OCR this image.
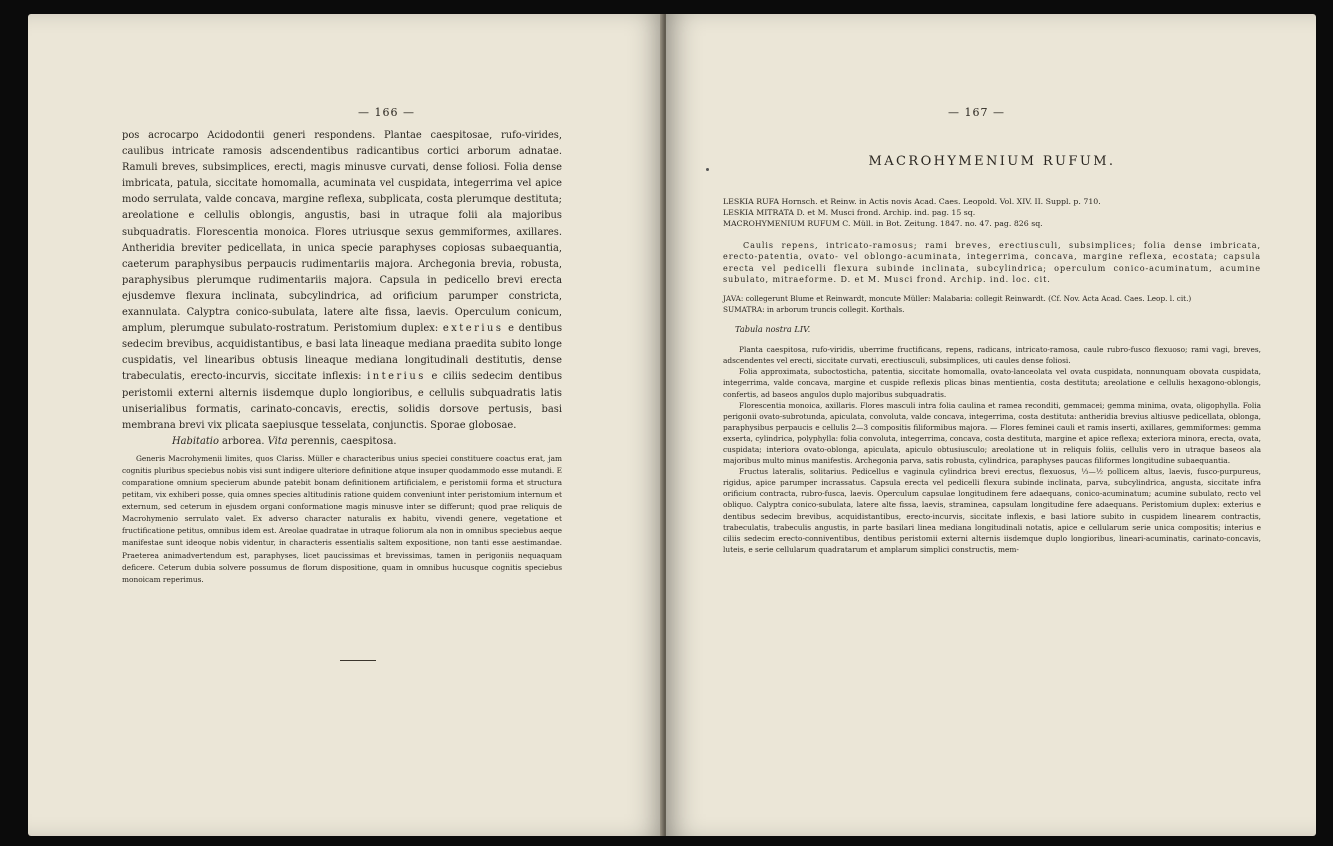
— 166 —

pos acrocarpo Acidodontii generi respondens. Plantae caespitosae, rufo-virides, caulibus intricate ramosis adscendentibus radicantibus cortici arborum adnatae. Ramuli breves, subsimplices, erecti, magis minusve curvati, dense foliosi. Folia dense imbricata, patula, siccitate homomalla, acuminata vel cuspidata, integerrima vel apice modo serrulata, valde concava, margine reflexa, subplicata, costa plerumque destituta; areolatione e cellulis oblongis, angustis, basi in utraque folii ala majoribus subquadratis. Florescentia monoica. Flores utriusque sexus gemmiformes, axillares. Antheridia breviter pedicellata, in unica specie paraphyses copiosas subaequantia, caeterum paraphysibus perpaucis rudimentariis majora. Archegonia brevia, robusta, paraphysibus plerumque rudimentariis majora. Capsula in pedicello brevi erecta ejusdemve flexura inclinata, subcylindrica, ad orificium parumper constricta, exannulata. Calyptra conico-subulata, latere alte fissa, laevis. Operculum conicum, amplum, plerumque subulato-rostratum. Peristomium duplex: exterius e dentibus sedecim brevibus, acquidistantibus, e basi lata lineaque mediana praedita subito longe cuspidatis, vel linearibus obtusis lineaque mediana longitudinali destitutis, dense trabeculatis, erecto-incurvis, siccitate inflexis: interius e ciliis sedecim dentibus peristomii externi alternis iisdemque duplo longioribus, e cellulis subquadratis latis uniserialibus formatis, carinato-concavis, erectis, solidis dorsove pertusis, basi membrana brevi vix plicata saepiusque tesselata, conjunctis. Sporae globosae.

Habitatio arborea. Vita perennis, caespitosa.

Generis Macrohymenii limites, quos Clariss. Müller e characteribus unius speciei constituere coactus erat, jam cognitis pluribus speciebus nobis visi sunt indigere ulteriore definitione atque insuper quodammodo esse mutandi. E comparatione omnium specierum abunde patebit bonam definitionem artificialem, e peristomii forma et structura petitam, vix exhiberi posse, quia omnes species altitudinis ratione quidem conveniunt inter peristomium internum et externum, sed ceterum in ejusdem organi conformatione magis minusve inter se differunt; quod prae reliquis de Macrohymenio serrulato valet. Ex adverso character naturalis ex habitu, vivendi genere, vegetatione et fructificatione petitus, omnibus idem est. Areolae quadratae in utraque foliorum ala non in omnibus speciebus aeque manifestae sunt ideoque nobis videntur, in characteris essentialis saltem expositione, non tanti esse aestimandae. Praeterea animadvertendum est, paraphyses, licet paucissimas et brevissimas, tamen in perigoniis nequaquam deficere. Ceterum dubia solvere possumus de florum dispositione, quam in omnibus hucusque cognitis speciebus monoicam reperimus.

— 167 —
MACROHYMENIUM RUFUM.

LESKIA RUFA Hornsch. et Reinw. in Actis novis Acad. Caes. Leopold. Vol. XIV. II. Suppl. p. 710.

LESKIA MITRATA D. et M. Musci frond. Archip. ind. pag. 15 sq.

MACROHYMENIUM RUFUM C. Müll. in Bot. Zeitung. 1847. no. 47. pag. 826 sq.

Caulis repens, intricato-ramosus; rami breves, erectiusculi, subsimplices; folia dense imbricata, erecto-patentia, ovato- vel oblongo-acuminata, integerrima, concava, margine reflexa, ecostata; capsula erecta vel pedicelli flexura subinde inclinata, subcylindrica; operculum conico-acuminatum, acumine subulato, mitraeforme. D. et M. Musci frond. Archip. ind. loc. cit.

JAVA: collegerunt Blume et Reinwardt, moncute Müller: Malabaria: collegit Reinwardt. (Cf. Nov. Acta Acad. Caes. Leop. l. cit.)

SUMATRA: in arborum truncis collegit. Korthals.

Tabula nostra LIV.

Planta caespitosa, rufo-viridis, uberrime fructificans, repens, radicans, intricato-ramosa, caule rubro-fusco flexuoso; rami vagi, breves, adscendentes vel erecti, siccitate curvati, erectiusculi, subsimplices, uti caules dense foliosi.

Folia approximata, suboctosticha, patentia, siccitate homomalla, ovato-lanceolata vel ovata cuspidata, nonnunquam obovata cuspidata, integerrima, valde concava, margine et cuspide reflexis plicas binas mentientia, costa destituta; areolatione e cellulis hexagono-oblongis, confertis, ad baseos angulos duplo majoribus subquadratis.

Florescentia monoica, axillaris. Flores masculi intra folia caulina et ramea reconditi, gemmacei; gemma minima, ovata, oligophylla. Folia perigonii ovato-subrotunda, apiculata, convoluta, valde concava, integerrima, costa destituta: antheridia brevius altiusve pedicellata, oblonga, paraphysibus perpaucis e cellulis 2—3 compositis filiformibus majora. — Flores feminei cauli et ramis inserti, axillares, gemmiformes: gemma exserta, cylindrica, polyphylla: folia convoluta, integerrima, concava, costa destituta, margine et apice reflexa; exteriora minora, erecta, ovata, cuspidata; interiora ovato-oblonga, apiculata, apiculo obtusiusculo; areolatione ut in reliquis foliis, cellulis vero in utraque baseos ala majoribus multo minus manifestis. Archegonia parva, satis robusta, cylindrica, paraphyses paucas filiformes longitudine subaequantia.

Fructus lateralis, solitarius. Pedicellus e vaginula cylindrica brevi erectus, flexuosus, ⅓—½ pollicem altus, laevis, fusco-purpureus, rigidus, apice parumper incrassatus. Capsula erecta vel pedicelli flexura subinde inclinata, parva, subcylindrica, angusta, siccitate infra orificium contracta, rubro-fusca, laevis. Operculum capsulae longitudinem fere adaequans, conico-acuminatum; acumine subulato, recto vel obliquo. Calyptra conico-subulata, latere alte fissa, laevis, straminea, capsulam longitudine fere adaequans. Peristomium duplex: exterius e dentibus sedecim brevibus, acquidistantibus, erecto-incurvis, siccitate inflexis, e basi latiore subito in cuspidem linearem contractis, trabeculatis, trabeculis angustis, in parte basilari linea mediana longitudinali notatis, apice e cellularum serie unica compositis; interius e ciliis sedecim erecto-conniventibus, dentibus peristomii externi alternis iisdemque duplo longioribus, lineari-acuminatis, carinato-concavis, luteis, e serie cellularum quadratarum et amplarum simplici constructis, mem-
